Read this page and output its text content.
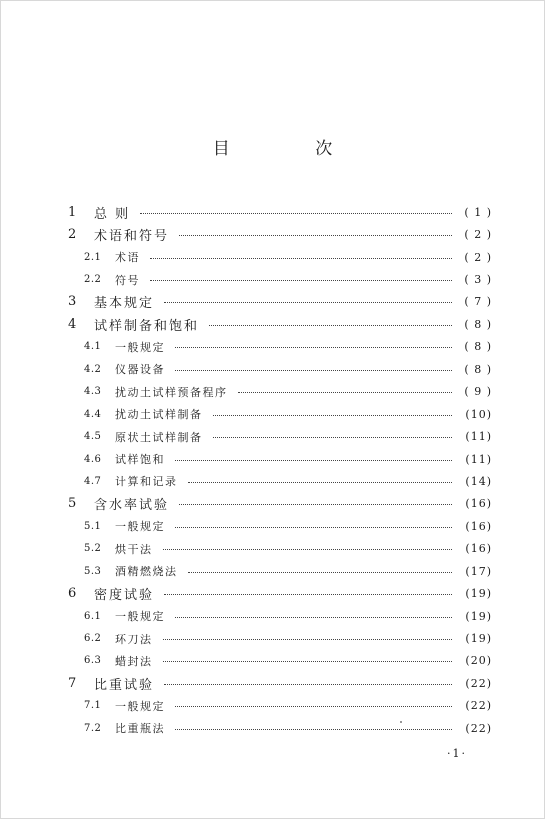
目 次
1	总 则	( 1 )
2	术语和符号	( 2 )
2.1	术语	( 2 )
2.2	符号	( 3 )
3	基本规定	( 7 )
4	试样制备和饱和	( 8 )
4.1	一般规定	( 8 )
4.2	仪器设备	( 8 )
4.3	扰动土试样预备程序	( 9 )
4.4	扰动土试样制备	(10)
4.5	原状土试样制备	(11)
4.6	试样饱和	(11)
4.7	计算和记录	(14)
5	含水率试验	(16)
5.1	一般规定	(16)
5.2	烘干法	(16)
5.3	酒精燃烧法	(17)
6	密度试验	(19)
6.1	一般规定	(19)
6.2	环刀法	(19)
6.3	蜡封法	(20)
7	比重试验	(22)
7.1	一般规定	(22)
7.2	比重瓶法	(22)
·1·
